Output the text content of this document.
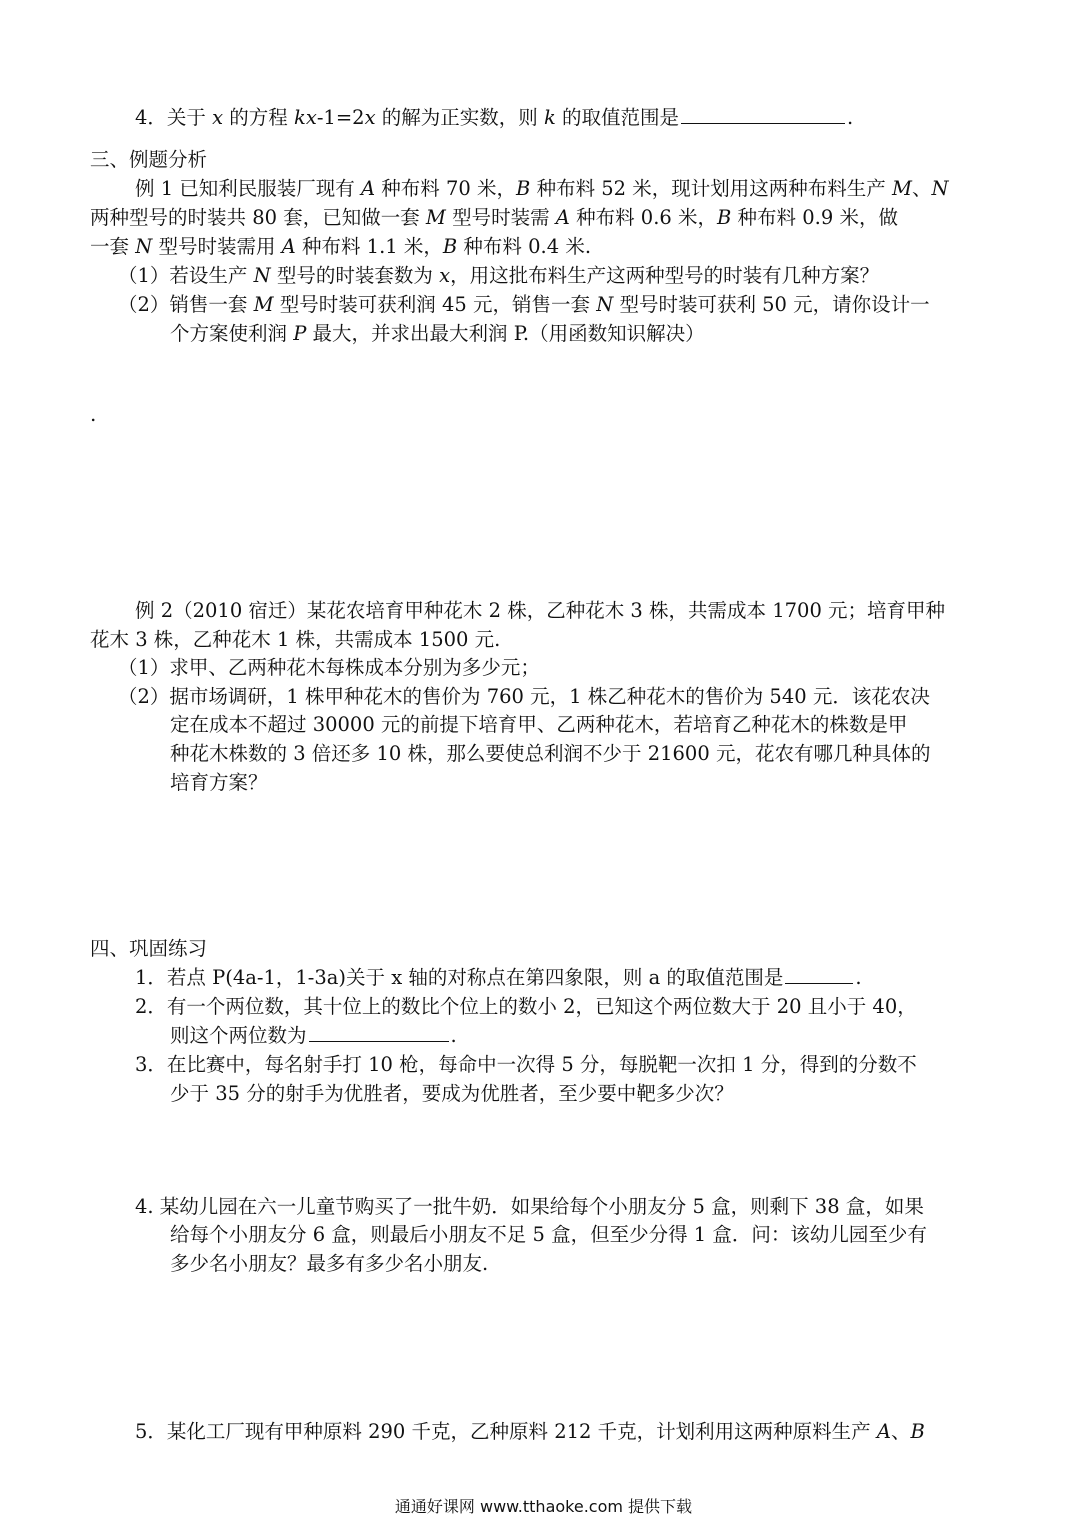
4．关于 x 的方程 kx-1=2x 的解为正实数，则 k 的取值范围是	.
三、例题分析
例 1 已知利民服装厂现有 A 种布料 70 米，B 种布料 52 米，现计划用这两种布料生产 M、N
两种型号的时装共 80 套，已知做一套 M 型号时装需 A 种布料 0.6 米，B 种布料 0.9 米，做
一套 N 型号时装需用 A 种布料 1.1 米，B 种布料 0.4 米.
（1）若设生产 N 型号的时装套数为 x，用这批布料生产这两种型号的时装有几种方案？
（2）销售一套 M 型号时装可获利润 45 元，销售一套 N 型号时装可获利 50 元，请你设计一
个方案使利润 P 最大，并求出最大利润 P.（用函数知识解决）
.
例 2（2010 宿迁）某花农培育甲种花木 2 株，乙种花木 3 株，共需成本 1700 元；培育甲种
花木 3 株，乙种花木 1 株，共需成本 1500 元.
（1）求甲、乙两种花木每株成本分别为多少元；
（2）据市场调研，1 株甲种花木的售价为 760 元，1 株乙种花木的售价为 540 元．该花农决
定在成本不超过 30000 元的前提下培育甲、乙两种花木，若培育乙种花木的株数是甲
种花木株数的 3 倍还多 10 株，那么要使总利润不少于 21600 元，花农有哪几种具体的
培育方案？
四、巩固练习
1．若点 P(4a-1，1-3a)关于 x 轴的对称点在第四象限，则 a 的取值范围是	.
2．有一个两位数，其十位上的数比个位上的数小 2，已知这个两位数大于 20 且小于 40，
则这个两位数为	.
3．在比赛中，每名射手打 10 枪，每命中一次得 5 分，每脱靶一次扣 1 分，得到的分数不
少于 35 分的射手为优胜者，要成为优胜者，至少要中靶多少次？
4. 某幼儿园在六一儿童节购买了一批牛奶．如果给每个小朋友分 5 盒，则剩下 38 盒，如果
给每个小朋友分 6 盒，则最后小朋友不足 5 盒，但至少分得 1 盒．问：该幼儿园至少有
多少名小朋友？最多有多少名小朋友.
5．某化工厂现有甲种原料 290 千克，乙种原料 212 千克，计划利用这两种原料生产 A、B
通通好课网 www.tthaoke.com 提供下载
